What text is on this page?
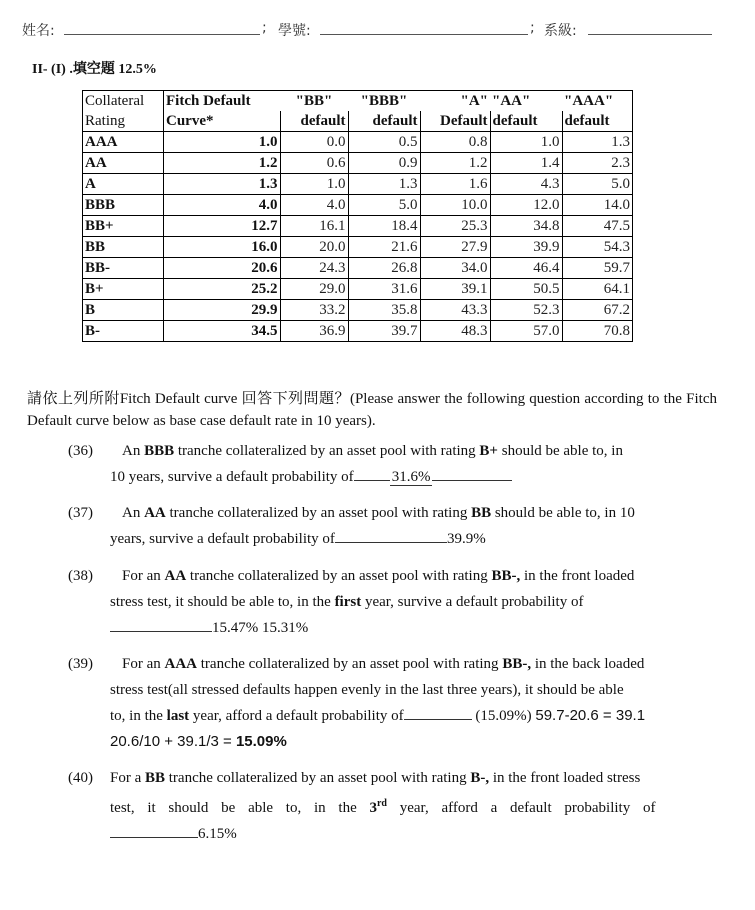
姓名:	; 學號:	; 系級:
II- (I) .填空題 12.5%
Collateral	Fitch Default	"BB"	"BBB"	"A"	"AA"	"AAA"
Rating	Curve*	default	default	Default	default	default
AAA	1.0	0.0	0.5	0.8	1.0	1.3
AA	1.2	0.6	0.9	1.2	1.4	2.3
A	1.3	1.0	1.3	1.6	4.3	5.0
BBB	4.0	4.0	5.0	10.0	12.0	14.0
BB+	12.7	16.1	18.4	25.3	34.8	47.5
BB	16.0	20.0	21.6	27.9	39.9	54.3
BB-	20.6	24.3	26.8	34.0	46.4	59.7
B+	25.2	29.0	31.6	39.1	50.5	64.1
B	29.9	33.2	35.8	43.3	52.3	67.2
B-	34.5	36.9	39.7	48.3	57.0	70.8
請依上列所附Fitch Default curve 回答下列問題？(Please answer the following question according to the Fitch Default curve below as base case default rate in 10 years).
(36) An BBB tranche collateralized by an asset pool with rating B+ should be able to, in
10 years, survive a default probability of	31.6%
(37) An AA tranche collateralized by an asset pool with rating BB should be able to, in 10
years, survive a default probability of	39.9%
(38) For an AA tranche collateralized by an asset pool with rating BB-, in the front loaded
stress test, it should be able to, in the first year, survive a default probability of
15.47% 15.31%
(39) For an AAA tranche collateralized by an asset pool with rating BB-, in the back loaded
stress test(all stressed defaults happen evenly in the last three years), it should be able
to, in the last year, afford a default probability of	(15.09%) 59.7-20.6 = 39.1
20.6/10 + 39.1/3 = 15.09%
(40) For a BB tranche collateralized by an asset pool with rating B-, in the front loaded stress
test, it should be able to, in the 3rd year, afford a default probability of
6.15%
